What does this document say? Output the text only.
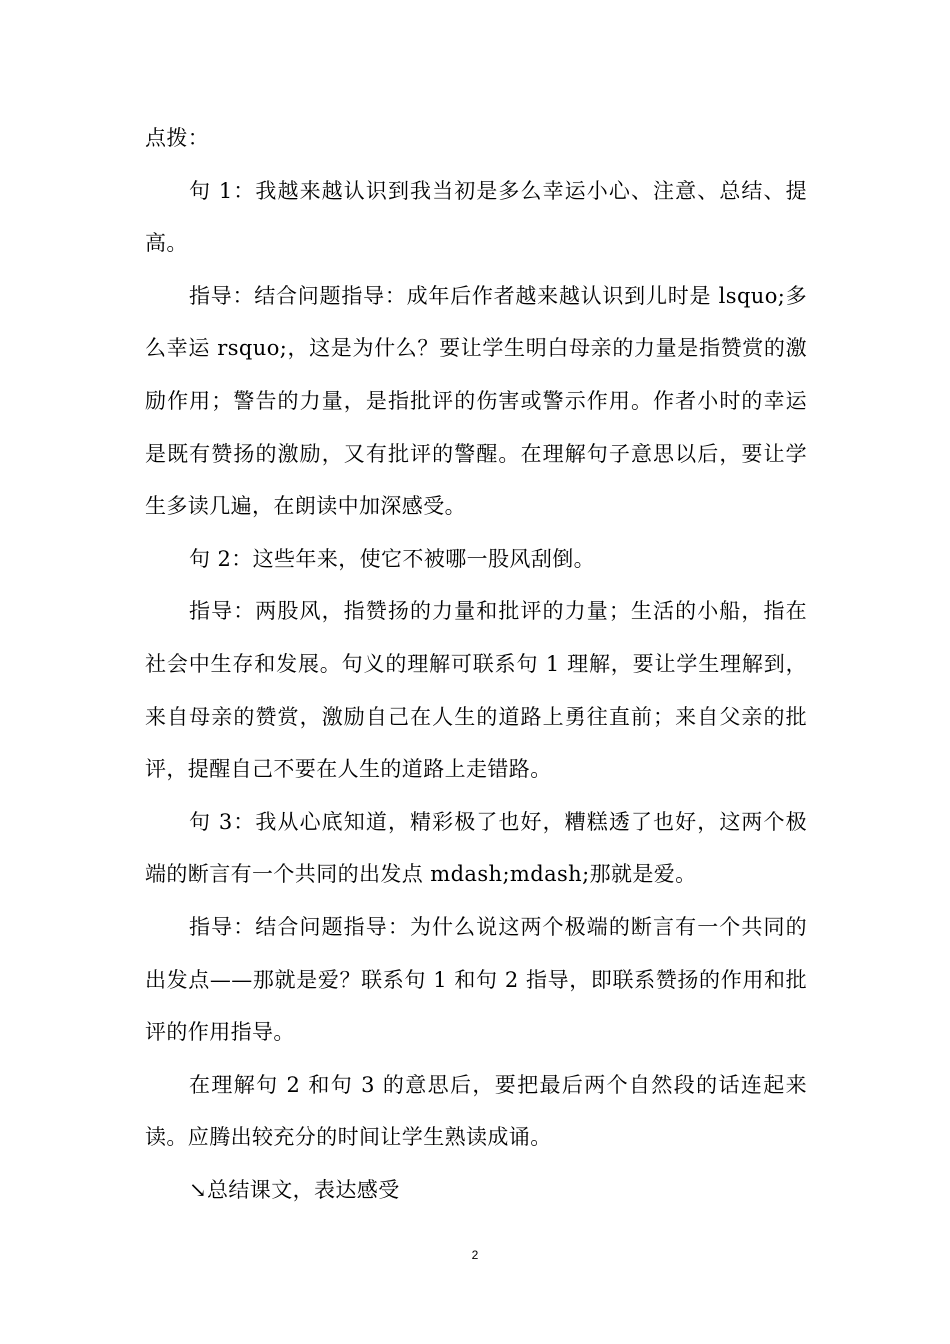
点拨：

句 1：我越来越认识到我当初是多么幸运小心、注意、总结、提高。

指导：结合问题指导：成年后作者越来越认识到儿时是 lsquo;多么幸运 rsquo;，这是为什么？要让学生明白母亲的力量是指赞赏的激励作用；警告的力量，是指批评的伤害或警示作用。作者小时的幸运是既有赞扬的激励，又有批评的警醒。在理解句子意思以后，要让学生多读几遍，在朗读中加深感受。

句 2：这些年来，使它不被哪一股风刮倒。

指导：两股风，指赞扬的力量和批评的力量；生活的小船，指在社会中生存和发展。句义的理解可联系句 1 理解，要让学生理解到，来自母亲的赞赏，激励自己在人生的道路上勇往直前；来自父亲的批评，提醒自己不要在人生的道路上走错路。

句 3：我从心底知道，精彩极了也好，糟糕透了也好，这两个极端的断言有一个共同的出发点 mdash;mdash;那就是爱。

指导：结合问题指导：为什么说这两个极端的断言有一个共同的出发点——那就是爱？联系句 1 和句 2 指导，即联系赞扬的作用和批评的作用指导。

在理解句 2 和句 3 的意思后，要把最后两个自然段的话连起来读。应腾出较充分的时间让学生熟读成诵。

↘总结课文，表达感受

2
